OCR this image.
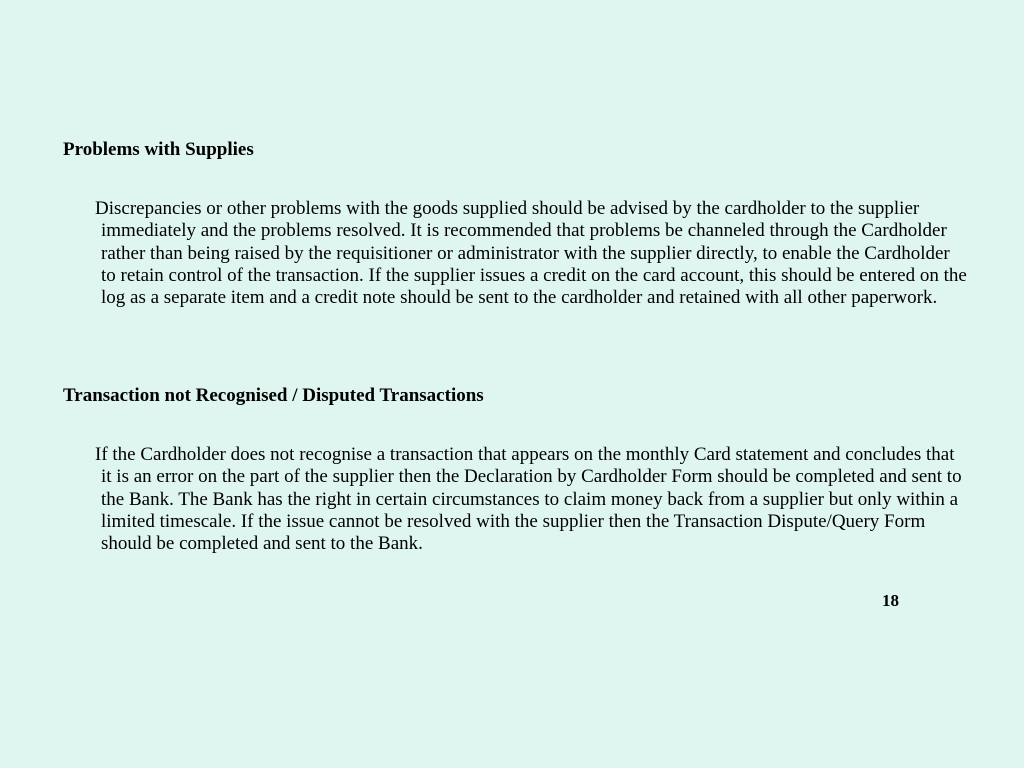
Problems with Supplies

Discrepancies or other problems with the goods supplied should be advised by the cardholder to the supplier immediately and the problems resolved. It is recommended that problems be channeled through the Cardholder rather than being raised by the requisitioner or administrator with the supplier directly, to enable the Cardholder to retain control of the transaction. If the supplier issues a credit on the card account, this should be entered on the log as a separate item and a credit note should be sent to the cardholder and retained with all other paperwork.

Transaction not Recognised / Disputed Transactions

If the Cardholder does not recognise a transaction that appears on the monthly Card statement and concludes that it is an error on the part of the supplier then the Declaration by Cardholder Form should be completed and sent to the Bank. The Bank has the right in certain circumstances to claim money back from a supplier but only within a limited timescale. If the issue cannot be resolved with the supplier then the Transaction Dispute/Query Form should be completed and sent to the Bank.

18
